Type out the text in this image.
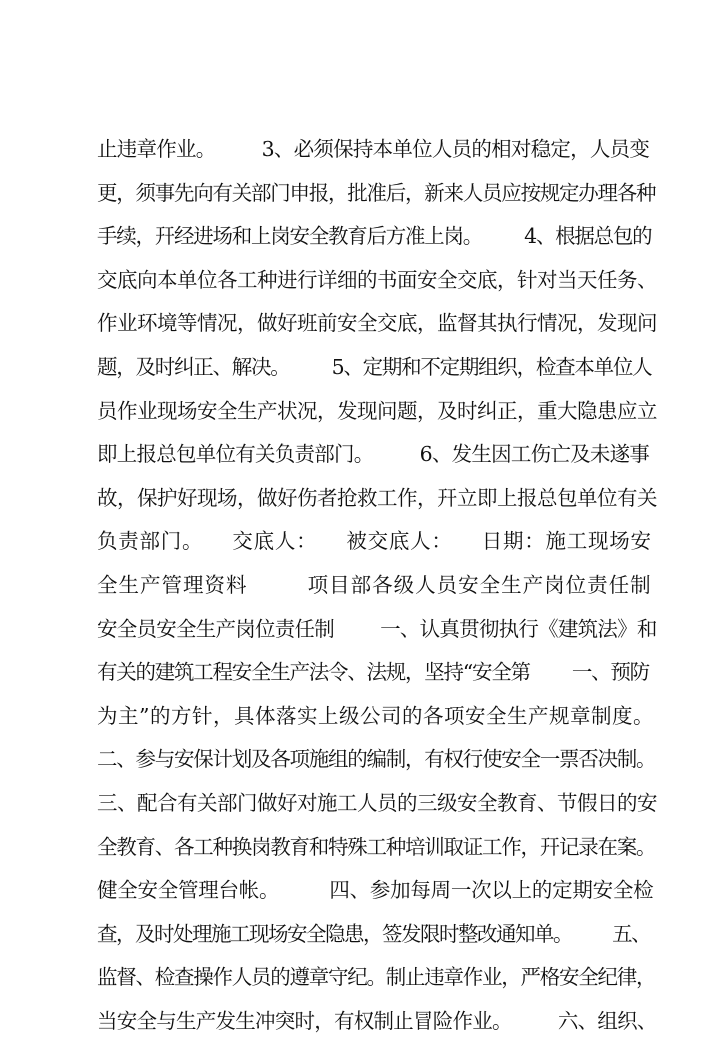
止违章作业。        3、必须保持本单位人员的相对稳定，人员变
更，须事先向有关部门申报，批准后，新来人员应按规定办理各种
手续，幵经进场和上岗安全教育后方准上岗。        4、根据总包的
交底向本单位各工种进行详细的书面安全交底，针对当天任务、
作业环境等情况，做好班前安全交底，监督其执行情况，发现问
题，及时纠正、解决。        5、定期和不定期组织，检查本单位人
员作业现场安全生产状况，发现问题，及时纠正，重大隐患应立
即上报总包单位有关负责部门。        6、发生因工伤亡及未遂事
故，保护好现场，做好伤者抢救工作，幵立即上报总包单位有关
负责部门。    交底人：    被交底人：    日期：施工现场安
全生产管理资料        项目部各级人员安全生产岗位责任制
安全员安全生产岗位责任制        一、认真贯彻执行《建筑法》和
有关的建筑工程安全生产法令、法规，坚持“安全第        一、预防
为主”的方针，具体落实上级公司的各项安全生产规章制度。
二、参与安保计划及各项施组的编制，有权行使安全一票否决制。
三、配合有关部门做好对施工人员的三级安全教育、节假日的安
全教育、各工种换岗教育和特殊工种培训取证工作，幵记录在案。
健全安全管理台帐。        四、参加每周一次以上的定期安全检
查，及时处理施工现场安全隐患，签发限时整改通知单。        五、
监督、检查操作人员的遵章守纪。制止违章作业，严格安全纪律，
当安全与生产发生冲突时，有权制止冒险作业。        六、组织、
